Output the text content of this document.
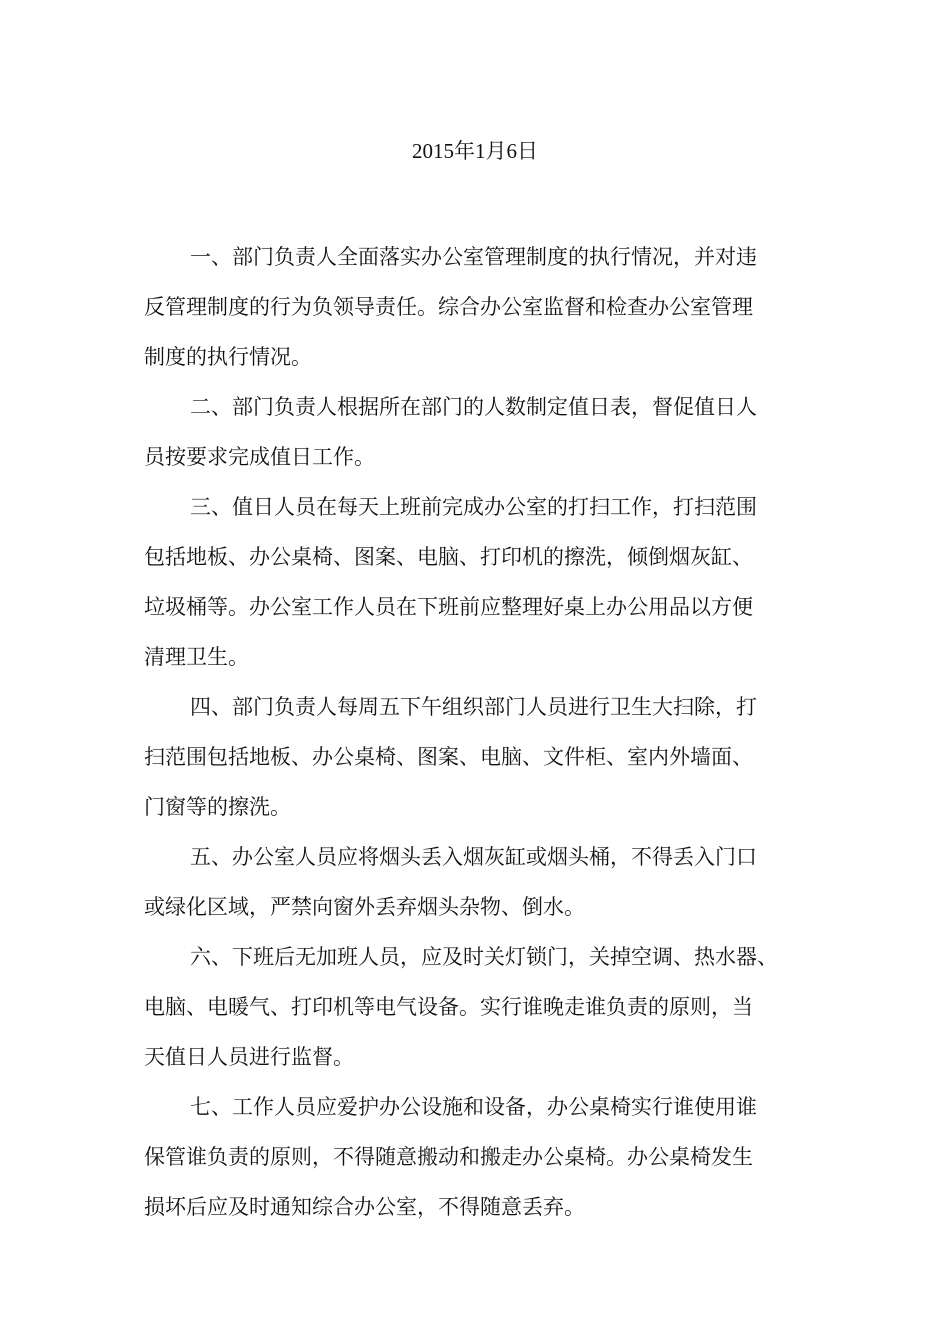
2015年1月6日
一、部门负责人全面落实办公室管理制度的执行情况，并对违
反管理制度的行为负领导责任。综合办公室监督和检查办公室管理
制度的执行情况。
二、部门负责人根据所在部门的人数制定值日表，督促值日人
员按要求完成值日工作。
三、值日人员在每天上班前完成办公室的打扫工作，打扫范围
包括地板、办公桌椅、图案、电脑、打印机的擦洗，倾倒烟灰缸、
垃圾桶等。办公室工作人员在下班前应整理好桌上办公用品以方便
清理卫生。
四、部门负责人每周五下午组织部门人员进行卫生大扫除，打
扫范围包括地板、办公桌椅、图案、电脑、文件柜、室内外墙面、
门窗等的擦洗。
五、办公室人员应将烟头丢入烟灰缸或烟头桶，不得丢入门口
或绿化区域，严禁向窗外丢弃烟头杂物、倒水。
六、下班后无加班人员，应及时关灯锁门，关掉空调、热水器、
电脑、电暖气、打印机等电气设备。实行谁晚走谁负责的原则，当
天值日人员进行监督。
七、工作人员应爱护办公设施和设备，办公桌椅实行谁使用谁
保管谁负责的原则，不得随意搬动和搬走办公桌椅。办公桌椅发生
损坏后应及时通知综合办公室，不得随意丢弃。
